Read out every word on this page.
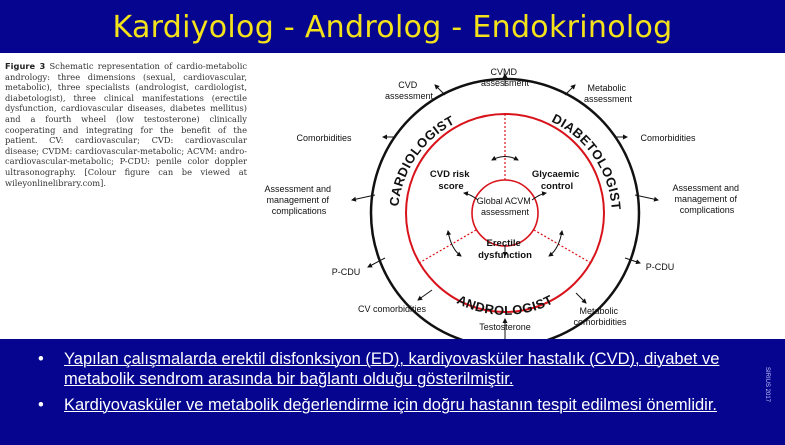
Kardiyolog - Androlog - Endokrinolog
Figure 3 Schematic representation of cardio-metabolic andrology: three dimensions (sexual, cardiovascular, metabolic), three specialists (andrologist, cardiologist, diabetologist), three clinical manifestations (erectile dysfunction, cardiovascular diseases, diabetes mellitus) and a fourth wheel (low testosterone) clinically cooperating and integrating for the benefit of the patient. CV: cardiovascular; CVD: cardiovascular disease; CVDM: cardiovascular-metabolic; ACVM: andro-cardiovascular-metabolic; P-CDU: penile color doppler ultrasonography. [Colour figure can be viewed at wileyonlinelibrary.com].
CARDIOLOGIST	DIABETOLOGIST
ANDROLOGIST
Global ACVM assessment
CVD risk score
Glycaemic control
Erectile dysfunction
CVMD assessment
CVD assessment
Metabolic assessment
Comorbidities	Comorbidities
Assessment and management of complications
Assessment and management of complications
P-CDU	P-CDU
CV comorbidities
Testosterone
Metabolic comorbidities
• Yapılan çalışmalarda erektil disfonksiyon (ED), kardiyovasküler hastalık (CVD), diyabet ve metabolik sendrom arasında bir bağlantı olduğu gösterilmiştir.
• Kardiyovasküler ve metabolik değerlendirme için doğru hastanın tespit edilmesi önemlidir.
SIRIUS 2017
